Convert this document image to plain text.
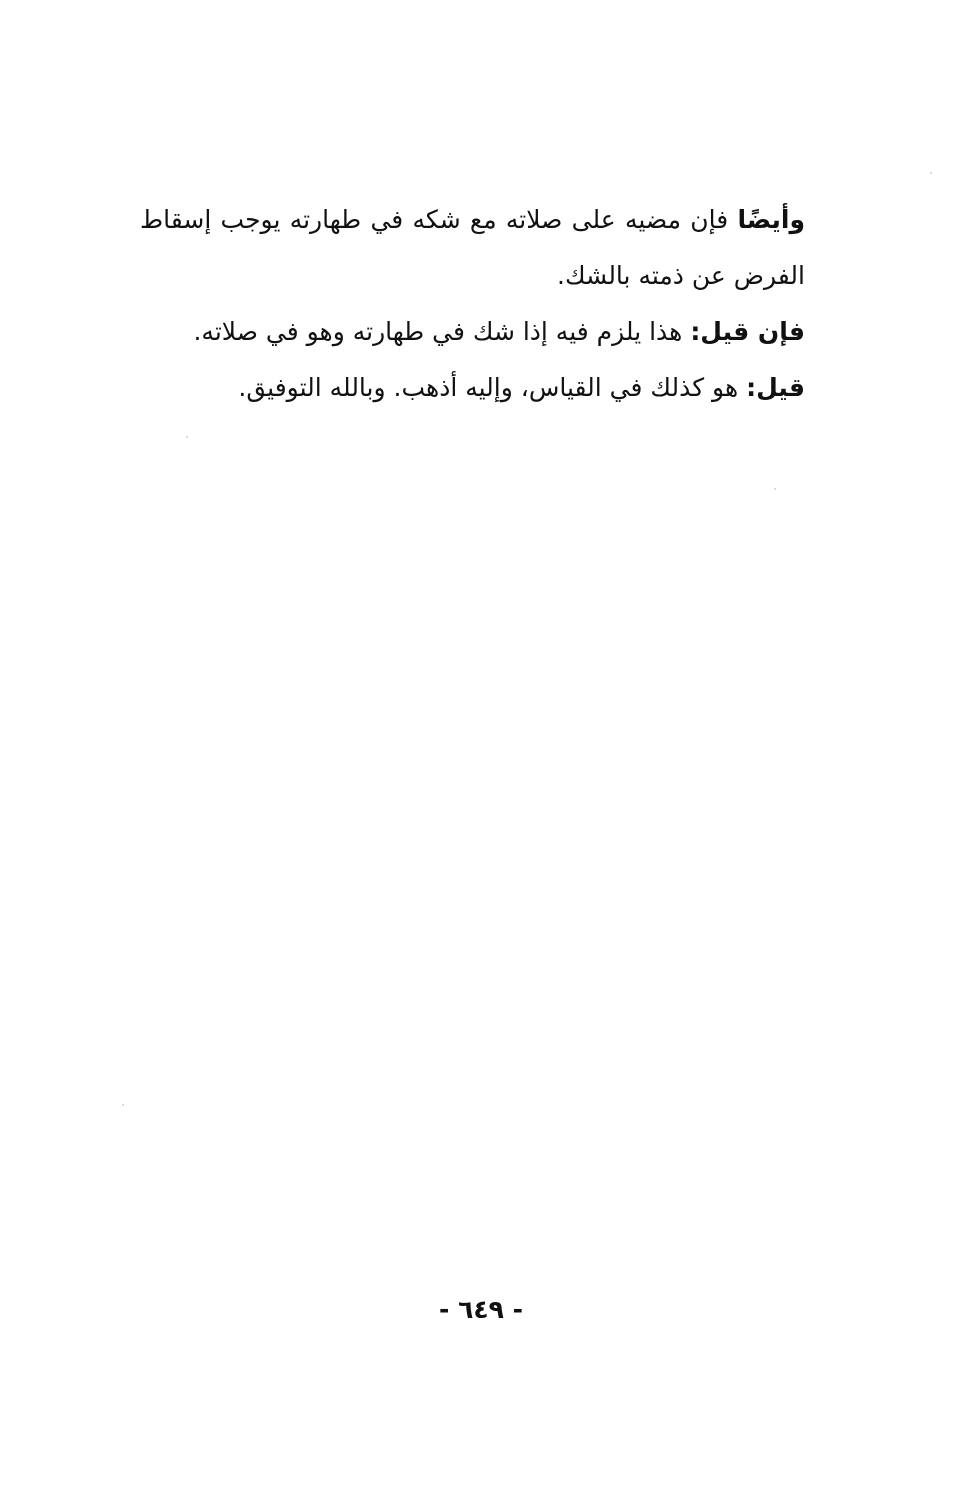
وأيضًا فإن مضيه على صلاته مع شكه في طهارته يوجب إسقاط الفرض عن ذمته بالشك.

فإن قيل: هذا يلزم فيه إذا شك في طهارته وهو في صلاته.

قيل: هو كذلك في القياس، وإليه أذهب. وبالله التوفيق.

- ٦٤٩ -
